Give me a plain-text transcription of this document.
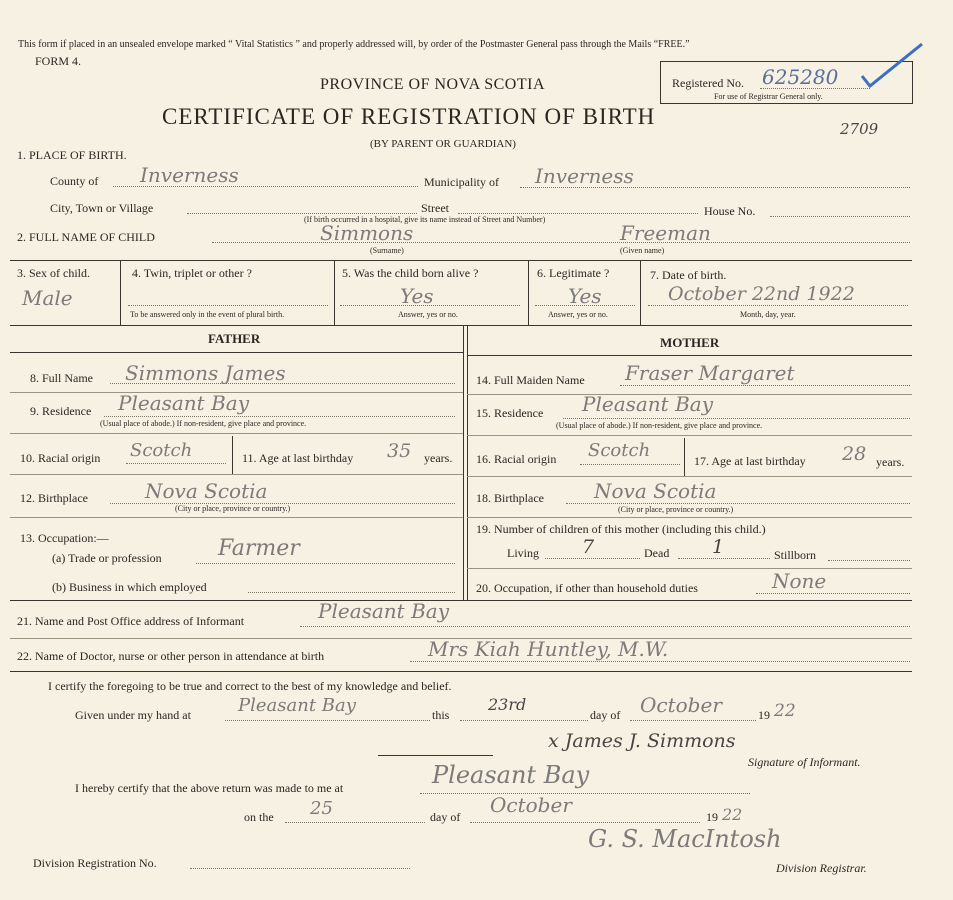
This form if placed in an unsealed envelope marked “ Vital Statistics ” and properly addressed will, by order of the Postmaster General pass through the Mails “FREE.”
FORM 4.
PROVINCE OF NOVA SCOTIA
CERTIFICATE OF REGISTRATION OF BIRTH
(BY PARENT OR GUARDIAN)
Registered No. 625280
For use of Registrar General only.
2709
1. PLACE OF BIRTH.
County of Inverness	Municipality of Inverness
City, Town or Village	Street
(If birth occurred in a hospital, give its name instead of Street and Number)
House No.
2. FULL NAME OF CHILD	Simmons	Freeman
(Surname)	(Given name)
3. Sex of child.
Male
4. Twin, triplet or other ?
To be answered only in the event of plural birth.
5. Was the child born alive ?
Yes
Answer, yes or no.
6. Legitimate ?
Yes
Answer, yes or no.
7. Date of birth.
October 22nd 1922
Month, day, year.
FATHER	MOTHER
8. Full Name Simmons James
9. Residence Pleasant Bay
(Usual place of abode.) If non-resident, give place and province.
10. Racial origin Scotch	11. Age at last birthday 35 years.
12. Birthplace	Nova Scotia
(City or place, province or country.)
13. Occupation:—
(a) Trade or profession	Farmer
(b) Business in which employed
14. Full Maiden Name Fraser Margaret
15. Residence Pleasant Bay
(Usual place of abode.) If non-resident, give place and province.
16. Racial origin Scotch	17. Age at last birthday 28 years.
18. Birthplace	Nova Scotia
(City or place, province or country.)
19. Number of children of this mother (including this child.)
Living 7	Dead 1	Stillborn
20. Occupation, if other than household duties	None
21. Name and Post Office address of Informant	Pleasant Bay
22. Name of Doctor, nurse or other person in attendance at birth	Mrs Kiah Huntley, M.W.
I certify the foregoing to be true and correct to the best of my knowledge and belief.
Given under my hand at	Pleasant Bay	this
23rd
day of October	19 22
x James J. Simmons
Signature of Informant.
I hereby certify that the above return was made to me at	Pleasant Bay
on the 25	day of October	19 22
Division Registration No.
G. S. MacIntosh
Division Registrar.
